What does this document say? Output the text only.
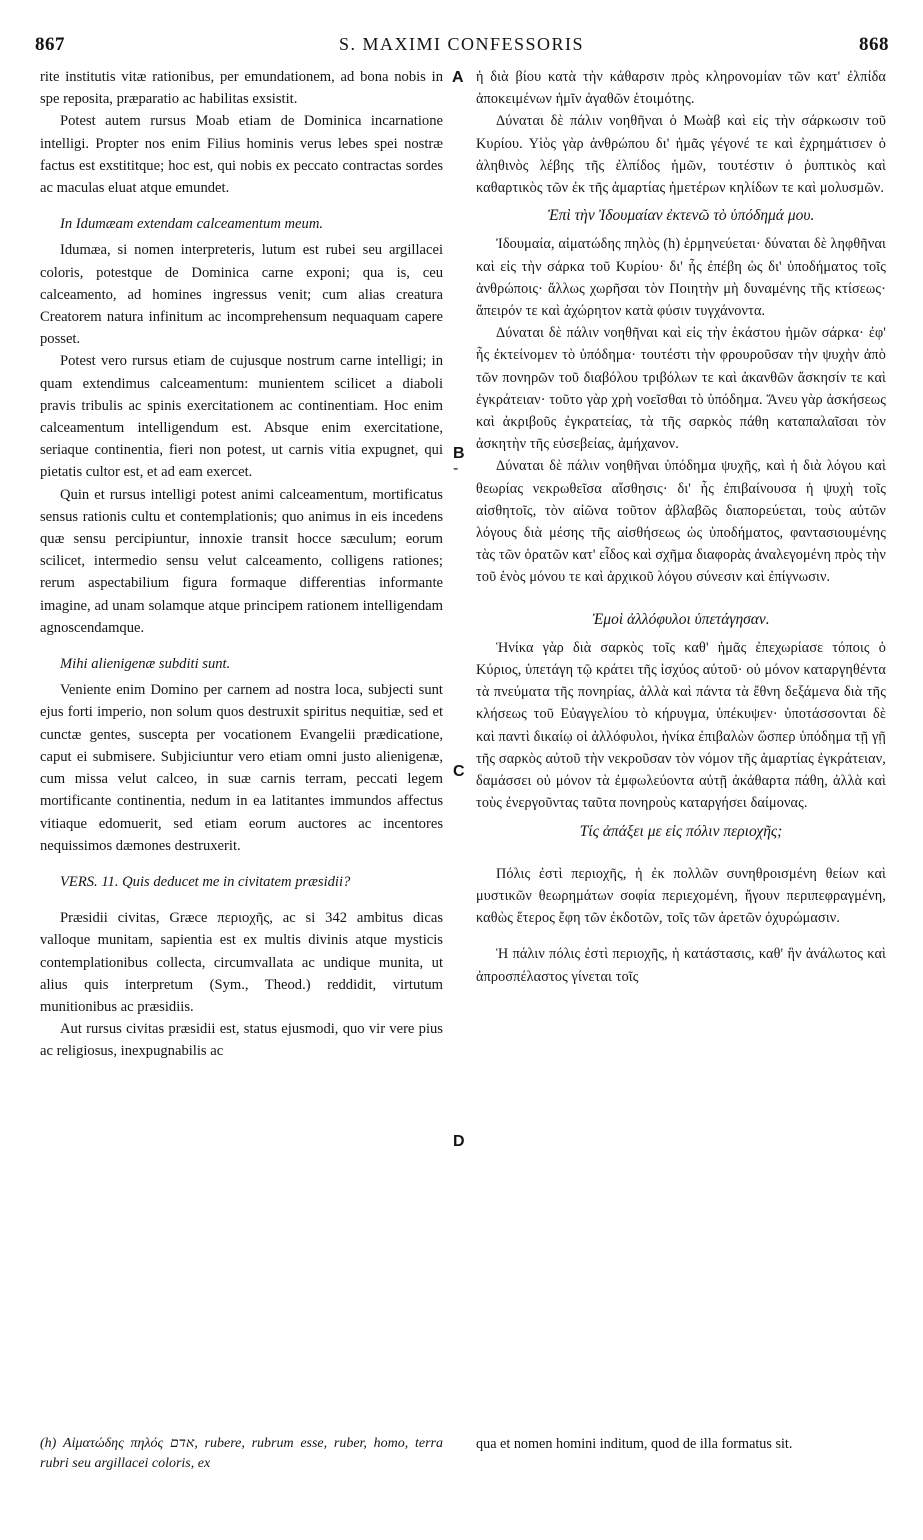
867	S. MAXIMI CONFESSORIS	868
A
B
-
C
D

rite institutis vitæ rationibus, per emundationem, ad bona nobis in spe reposita, præparatio ac habilitas exsistit.

Potest autem rursus Moab etiam de Dominica incarnatione intelligi. Propter nos enim Filius hominis verus lebes spei nostræ factus est exstititque; hoc est, qui nobis ex peccato contractas sordes ac maculas eluat atque emundet.

In Idumæam extendam calceamentum meum.

Idumæa, si nomen interpreteris, lutum est rubei seu argillacei coloris, potestque de Dominica carne exponi; qua is, ceu calceamento, ad homines ingressus venit; cum alias creatura Creatorem natura infinitum ac incomprehensum nequaquam capere posset.

Potest vero rursus etiam de cujusque nostrum carne intelligi; in quam extendimus calceamentum: munientem scilicet a diaboli pravis tribulis ac spinis exercitationem ac continentiam. Hoc enim calceamentum intelligendum est. Absque enim exercitatione, seriaque continentia, fieri non potest, ut carnis vitia expugnet, qui pietatis cultor est, et ad eam exercet.

Quin et rursus intelligi potest animi calceamentum, mortificatus sensus rationis cultu et contemplationis; quo animus in eis incedens quæ sensu percipiuntur, innoxie transit hocce sæculum; eorum scilicet, intermedio sensu velut calceamento, colligens rationes; rerum aspectabilium figura formaque differentias informante imagine, ad unam solamque atque principem rationem intelligendam agnoscendamque.

Mihi alienigenæ subditi sunt.

Veniente enim Domino per carnem ad nostra loca, subjecti sunt ejus forti imperio, non solum quos destruxit spiritus nequitiæ, sed et cunctæ gentes, suscepta per vocationem Evangelii prædicatione, caput ei submisere. Subjiciuntur vero etiam omni justo alienigenæ, cum missa velut calceo, in suæ carnis terram, peccati legem mortificante continentia, nedum in ea latitantes immundos affectus vitiaque edomuerit, sed etiam eorum auctores ac incentores nequissimos dæmones destruxerit.

VERS. 11. Quis deducet me in civitatem præsidii?

Præsidii civitas, Græce περιοχῆς, ac si 342 ambitus dicas valloque munitam, sapientia est ex multis divinis atque mysticis contemplationibus collecta, circumvallata ac undique munita, ut alius quis interpretum (Sym., Theod.) reddidit, virtutum munitionibus ac præsidiis.

Aut rursus civitas præsidii est, status ejusmodi, quo vir vere pius ac religiosus, inexpugnabilis ac

ἡ διὰ βίου κατὰ τὴν κάθαρσιν πρὸς κληρονομίαν τῶν κατ' ἐλπίδα ἀποκειμένων ἡμῖν ἀγαθῶν ἑτοιμότης.

Δύναται δὲ πάλιν νοηθῆναι ὁ Μωὰβ καὶ εἰς τὴν σάρκωσιν τοῦ Κυρίου. Υἱὸς γὰρ ἀνθρώπου δι' ἡμᾶς γέγονέ τε καὶ ἐχρημάτισεν ὁ ἀληθινὸς λέβης τῆς ἐλπίδος ἡμῶν, τουτέστιν ὁ ῥυπτικὸς καὶ καθαρτικὸς τῶν ἐκ τῆς ἁμαρτίας ἡμετέρων κηλίδων τε καὶ μολυσμῶν.

Ἐπὶ τὴν Ἰδουμαίαν ἐκτενῶ τὸ ὑπόδημά μου.

Ἰδουμαία, αἱματώδης πηλὸς (h) ἑρμηνεύεται· δύναται δὲ ληφθῆναι καὶ εἰς τὴν σάρκα τοῦ Κυρίου· δι' ἧς ἐπέβη ὡς δι' ὑποδήματος τοῖς ἀνθρώποις· ἄλλως χωρῆσαι τὸν Ποιητὴν μὴ δυναμένης τῆς κτίσεως· ἄπειρόν τε καὶ ἀχώρητον κατὰ φύσιν τυγχάνοντα.

Δύναται δὲ πάλιν νοηθῆναι καὶ εἰς τὴν ἑκάστου ἡμῶν σάρκα· ἐφ' ἧς ἐκτείνομεν τὸ ὑπόδημα· τουτέστι τὴν φρουροῦσαν τὴν ψυχὴν ἀπὸ τῶν πονηρῶν τοῦ διαβόλου τριβόλων τε καὶ ἀκανθῶν ἄσκησίν τε καὶ ἐγκράτειαν· τοῦτο γὰρ χρὴ νοεῖσθαι τὸ ὑπόδημα. Ἄνευ γὰρ ἀσκήσεως καὶ ἀκριβοῦς ἐγκρατείας, τὰ τῆς σαρκὸς πάθη καταπαλαῖσαι τὸν ἀσκητὴν τῆς εὐσεβείας, ἀμήχανον.

Δύναται δὲ πάλιν νοηθῆναι ὑπόδημα ψυχῆς, καὶ ἡ διὰ λόγου καὶ θεωρίας νεκρωθεῖσα αἴσθησις· δι' ἧς ἐπιβαίνουσα ἡ ψυχὴ τοῖς αἰσθητοῖς, τὸν αἰῶνα τοῦτον ἀβλαβῶς διαπορεύεται, τοὺς αὐτῶν λόγους διὰ μέσης τῆς αἰσθήσεως ὡς ὑποδήματος, φαντασιουμένης τὰς τῶν ὁρατῶν κατ' εἶδος καὶ σχῆμα διαφορὰς ἀναλεγομένη πρὸς τὴν τοῦ ἑνὸς μόνου τε καὶ ἀρχικοῦ λόγου σύνεσιν καὶ ἐπίγνωσιν.

Ἐμοὶ ἀλλόφυλοι ὑπετάγησαν.

Ἡνίκα γὰρ διὰ σαρκὸς τοῖς καθ' ἡμᾶς ἐπεχωρίασε τόποις ὁ Κύριος, ὑπετάγη τῷ κράτει τῆς ἰσχύος αὐτοῦ· οὐ μόνον καταργηθέντα τὰ πνεύματα τῆς πονηρίας, ἀλλὰ καὶ πάντα τὰ ἔθνη δεξάμενα διὰ τῆς κλήσεως τοῦ Εὐαγγελίου τὸ κήρυγμα, ὑπέκυψεν· ὑποτάσσονται δὲ καὶ παντὶ δικαίῳ οἱ ἀλλόφυλοι, ἡνίκα ἐπιβαλὼν ὥσπερ ὑπόδημα τῇ γῇ τῆς σαρκὸς αὐτοῦ τὴν νεκροῦσαν τὸν νόμον τῆς ἁμαρτίας ἐγκράτειαν, δαμάσσει οὐ μόνον τὰ ἐμφωλεύοντα αὐτῇ ἀκάθαρτα πάθη, ἀλλὰ καὶ τοὺς ἐνεργοῦντας ταῦτα πονηροὺς καταργήσει δαίμονας.

Τίς ἀπάξει με εἰς πόλιν περιοχῆς;

Πόλις ἐστὶ περιοχῆς, ἡ ἐκ πολλῶν συνηθροισμένη θείων καὶ μυστικῶν θεωρημάτων σοφία περιεχομένη, ἤγουν περιπεφραγμένη, καθὼς ἕτερος ἔφη τῶν ἐκδοτῶν, τοῖς τῶν ἀρετῶν ὀχυρώμασιν.

Ἡ πάλιν πόλις ἐστὶ περιοχῆς, ἡ κατάστασις, καθ' ἣν ἀνάλωτος καὶ ἀπροσπέλαστος γίνεται τοῖς

(h) Αἱματώδης πηλός אדם, rubere, rubrum esse, ruber, homo, terra rubri seu argillacei coloris, ex
qua et nomen homini inditum, quod de illa formatus sit.
